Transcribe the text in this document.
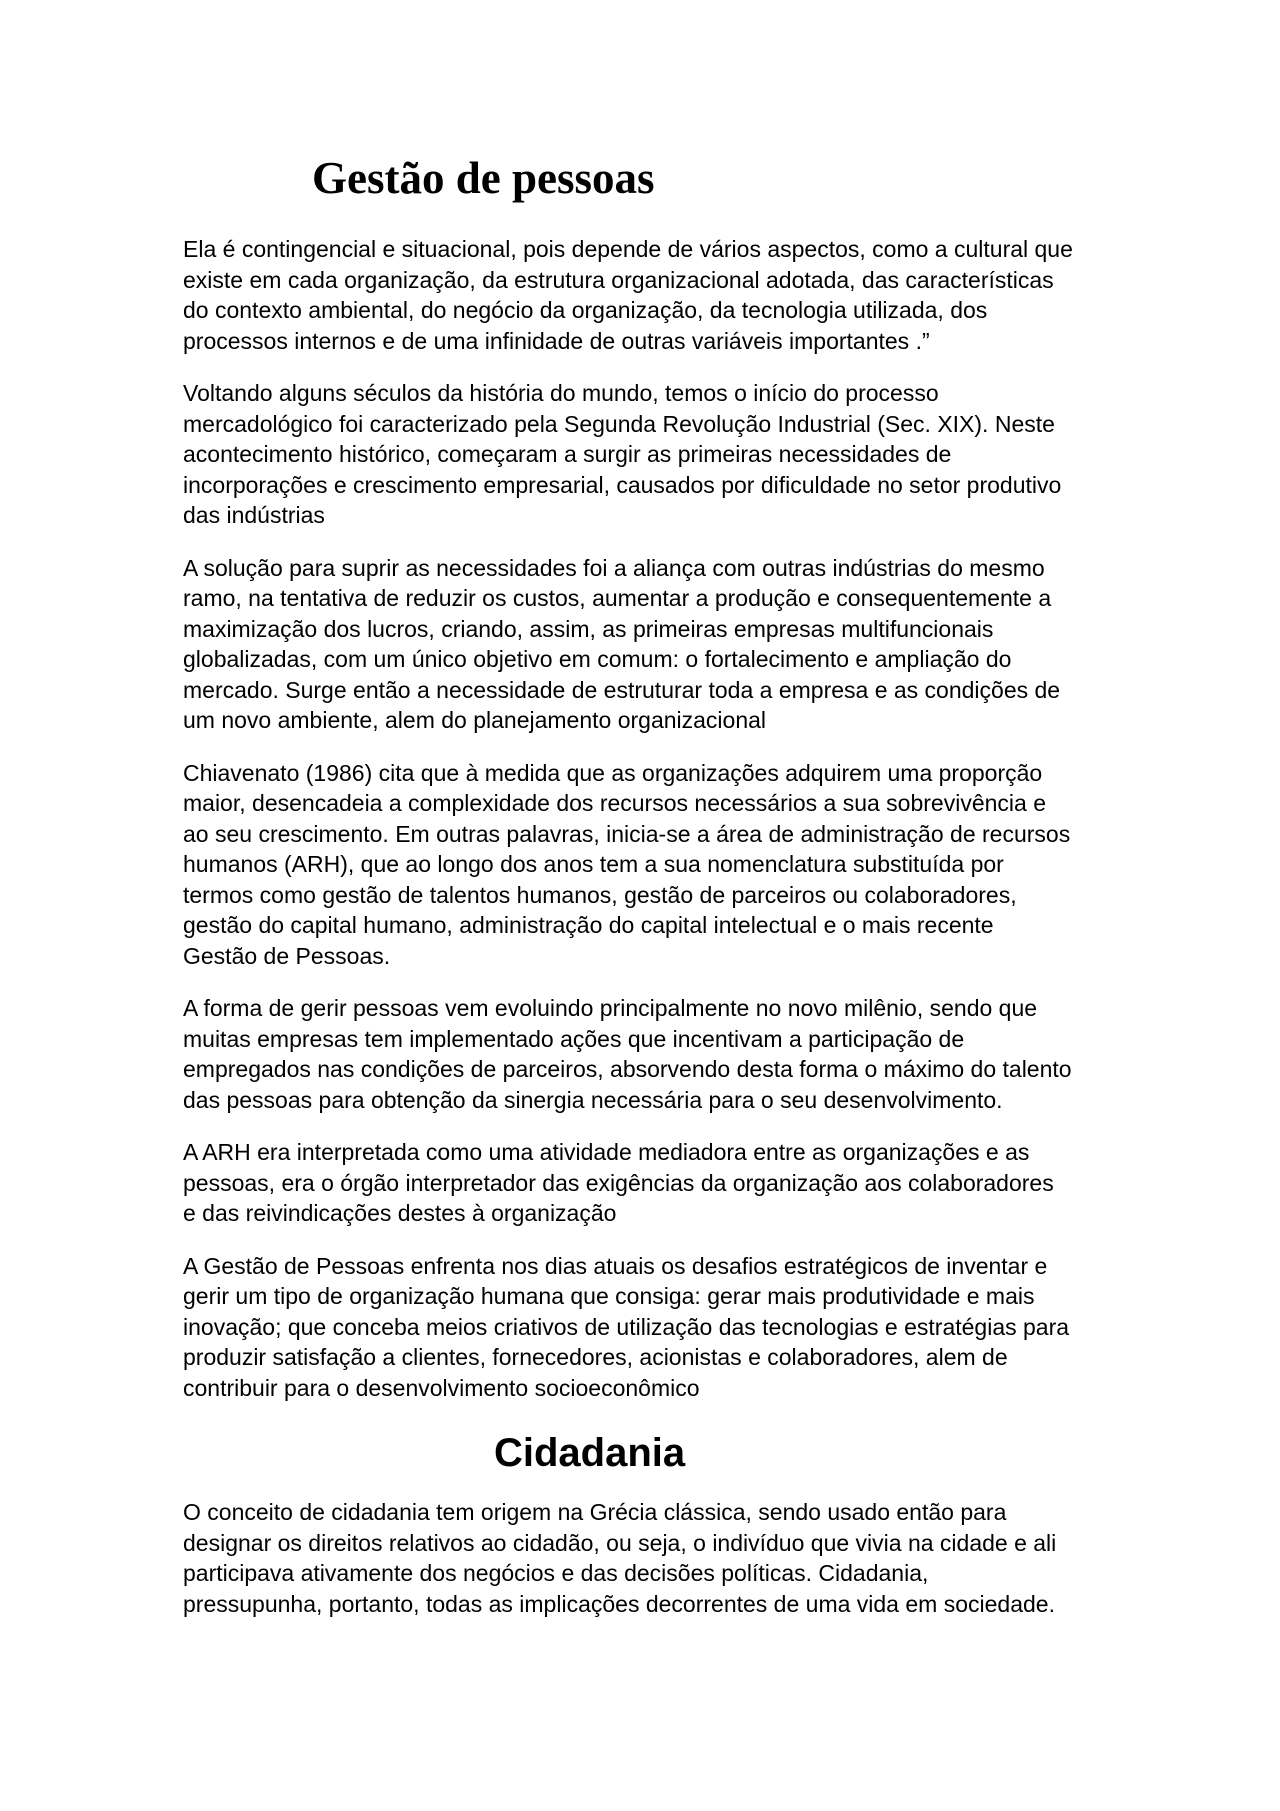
Gestão de pessoas

Ela é contingencial e situacional, pois depende de vários aspectos, como a cultural que
existe em cada organização, da estrutura organizacional adotada, das características
do contexto ambiental, do negócio da organização, da tecnologia utilizada, dos
processos internos e de uma infinidade de outras variáveis importantes .”

Voltando alguns séculos da história do mundo, temos o início do processo
mercadológico foi caracterizado pela Segunda Revolução Industrial (Sec. XIX). Neste
acontecimento histórico, começaram a surgir as primeiras necessidades de
incorporações e crescimento empresarial, causados por dificuldade no setor produtivo
das indústrias

A solução para suprir as necessidades foi a aliança com outras indústrias do mesmo
ramo, na tentativa de reduzir os custos, aumentar a produção e consequentemente a
maximização dos lucros, criando, assim, as primeiras empresas multifuncionais
globalizadas, com um único objetivo em comum: o fortalecimento e ampliação do
mercado. Surge então a necessidade de estruturar toda a empresa e as condições de
um novo ambiente, alem do planejamento organizacional

Chiavenato (1986) cita que à medida que as organizações adquirem uma proporção
maior, desencadeia a complexidade dos recursos necessários a sua sobrevivência e
ao seu crescimento. Em outras palavras, inicia-se a área de administração de recursos
humanos (ARH), que ao longo dos anos tem a sua nomenclatura substituída por
termos como gestão de talentos humanos, gestão de parceiros ou colaboradores,
gestão do capital humano, administração do capital intelectual e o mais recente
Gestão de Pessoas.

A forma de gerir pessoas vem evoluindo principalmente no novo milênio, sendo que
muitas empresas tem implementado ações que incentivam a participação de
empregados nas condições de parceiros, absorvendo desta forma o máximo do talento
das pessoas para obtenção da sinergia necessária para o seu desenvolvimento.

A ARH era interpretada como uma atividade mediadora entre as organizações e as
pessoas, era o órgão interpretador das exigências da organização aos colaboradores
e das reivindicações destes à organização

A Gestão de Pessoas enfrenta nos dias atuais os desafios estratégicos de inventar e
gerir um tipo de organização humana que consiga: gerar mais produtividade e mais
inovação; que conceba meios criativos de utilização das tecnologias e estratégias para
produzir satisfação a clientes, fornecedores, acionistas e colaboradores, alem de
contribuir para o desenvolvimento socioeconômico

Cidadania

O conceito de cidadania tem origem na Grécia clássica, sendo usado então para
designar os direitos relativos ao cidadão, ou seja, o indivíduo que vivia na cidade e ali
participava ativamente dos negócios e das decisões políticas. Cidadania,
pressupunha, portanto, todas as implicações decorrentes de uma vida em sociedade.
